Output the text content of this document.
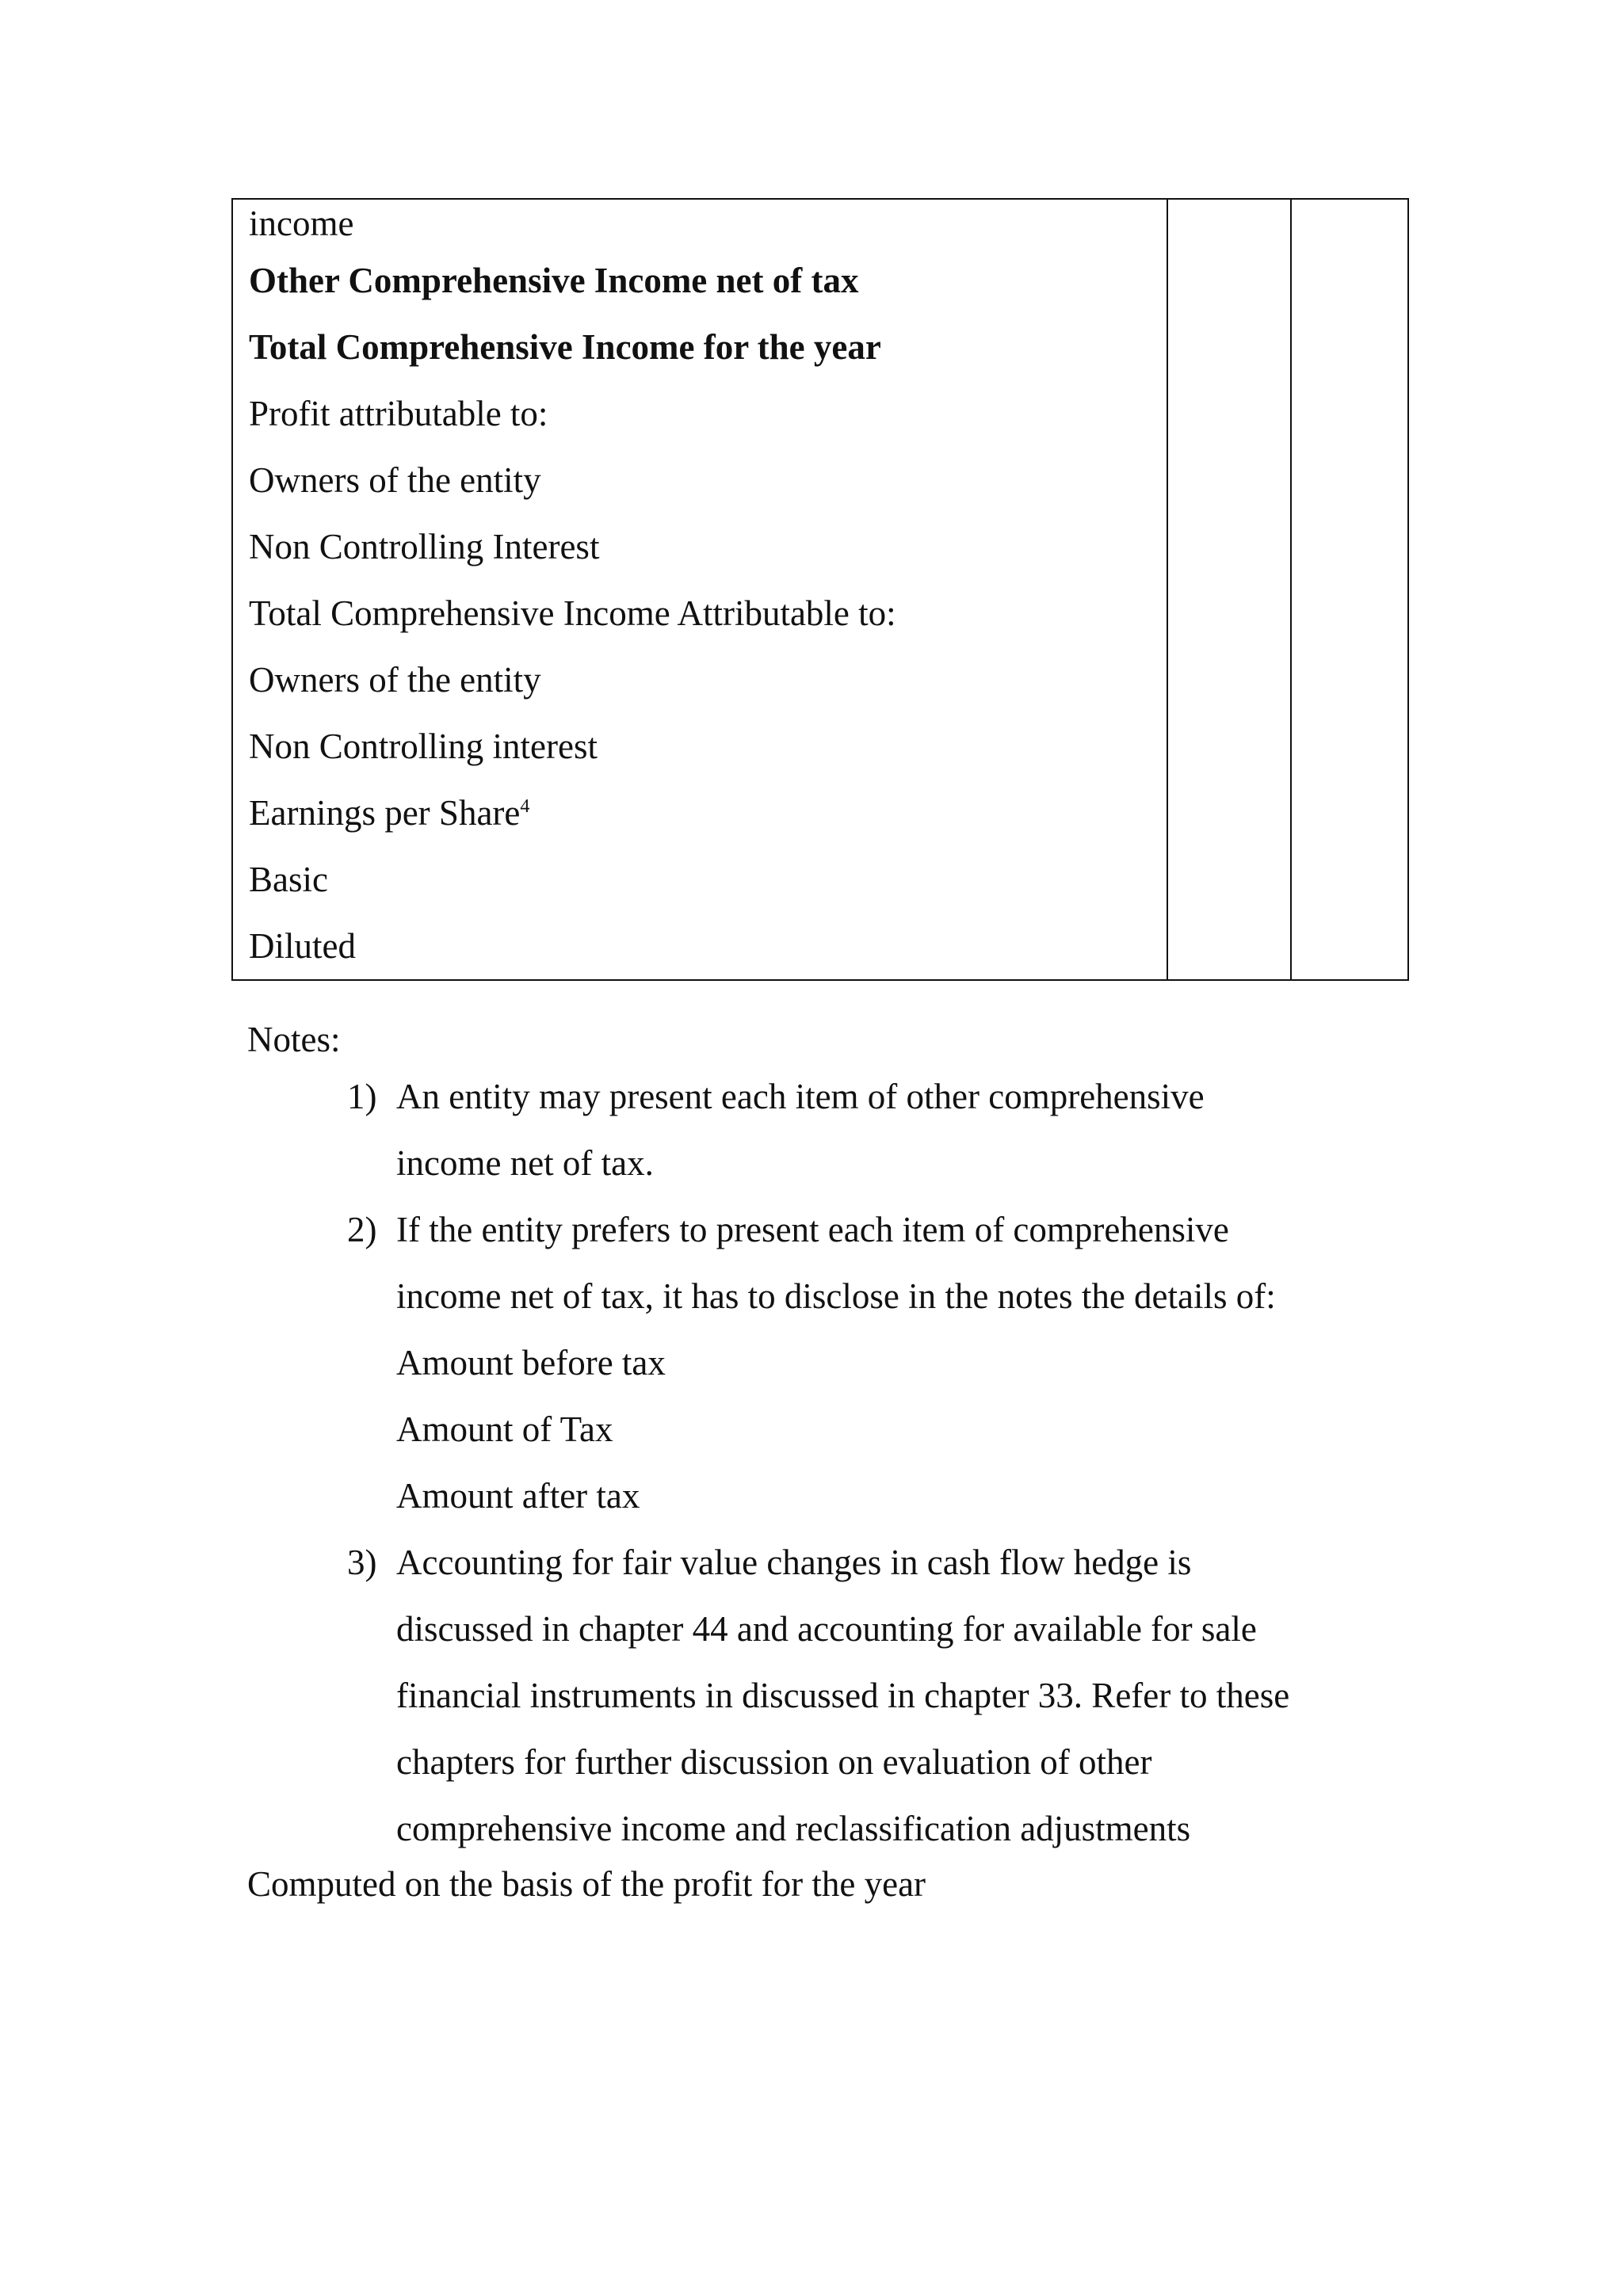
income
Other Comprehensive Income net of tax
Total Comprehensive Income for the year
Profit attributable to:
Owners of the entity
Non Controlling Interest
Total Comprehensive Income Attributable to:
Owners of the entity
Non Controlling interest
Earnings per Share$^4$
Basic
Diluted

Notes:
1) An entity may present each item of other comprehensive
income net of tax.
2) If the entity prefers to present each item of comprehensive
income net of tax, it has to disclose in the notes the details of:
Amount before tax
Amount of Tax
Amount after tax
3) Accounting for fair value changes in cash flow hedge is
discussed in chapter 44 and accounting for available for sale
financial instruments in discussed in chapter 33. Refer to these
chapters for further discussion on evaluation of other
comprehensive income and reclassification adjustments
Computed on the basis of the profit for the year
